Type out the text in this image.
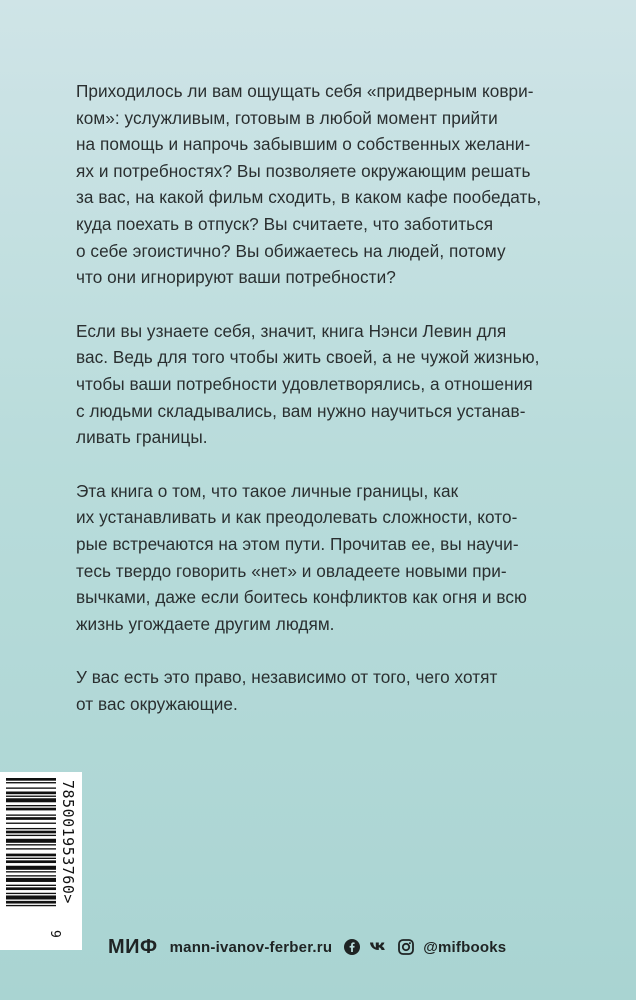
Приходилось ли вам ощущать себя «придверным коври-
ком»: услужливым, готовым в любой момент прийти
на помощь и напрочь забывшим о собственных желани-
ях и потребностях? Вы позволяете окружающим решать
за вас, на какой фильм сходить, в каком кафе пообедать,
куда поехать в отпуск? Вы считаете, что заботиться
о себе эгоистично? Вы обижаетесь на людей, потому
что они игнорируют ваши потребности?

Если вы узнаете себя, значит, книга Нэнси Левин для
вас. Ведь для того чтобы жить своей, а не чужой жизнью,
чтобы ваши потребности удовлетворялись, а отношения
с людьми складывались, вам нужно научиться устанав-
ливать границы.

Эта книга о том, что такое личные границы, как
их устанавливать и как преодолевать сложности, кото-
рые встречаются на этом пути. Прочитав ее, вы научи-
тесь твердо говорить «нет» и овладеете новыми при-
вычками, даже если боитесь конфликтов как огня и всю
жизнь угождаете другим людям.

У вас есть это право, независимо от того, чего хотят
от вас окружающие.

785001953760>
9
МИФ mann-ivanov-ferber.ru	@mifbooks
